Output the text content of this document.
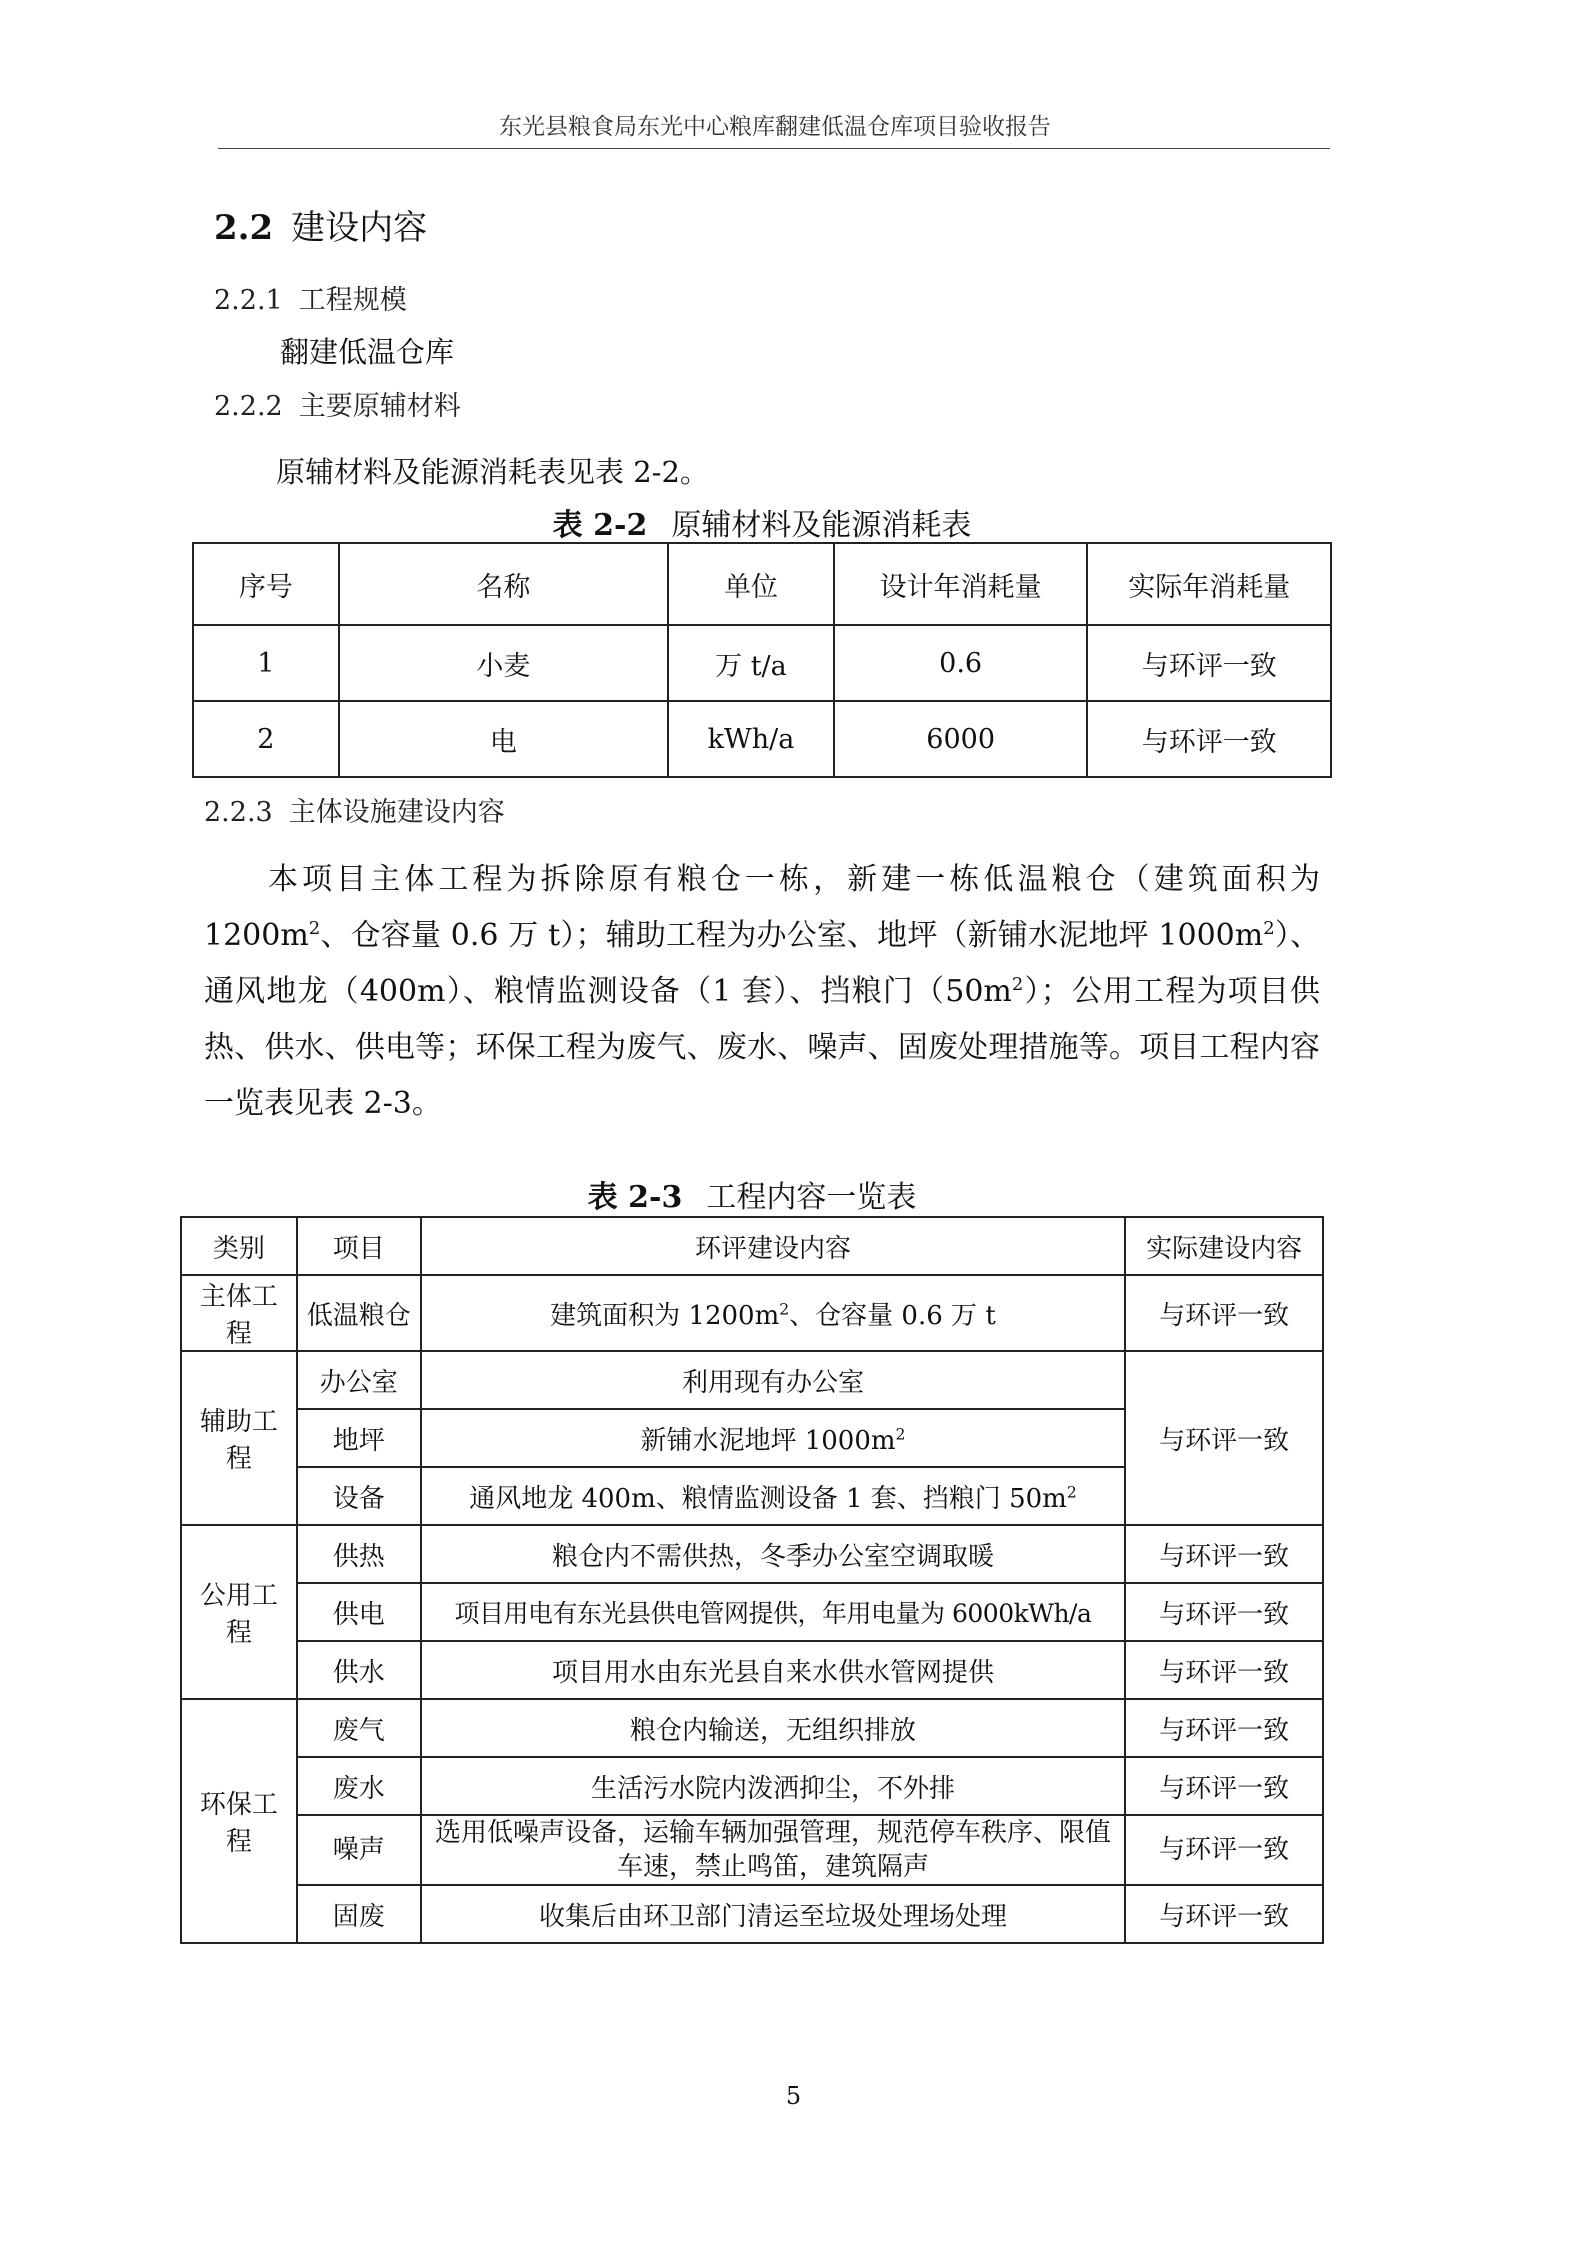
东光县粮食局东光中心粮库翻建低温仓库项目验收报告
2.2 建设内容
2.2.1 工程规模
翻建低温仓库
2.2.2 主要原辅材料
原辅材料及能源消耗表见表 2-2。
表 2-2 原辅材料及能源消耗表
序号	名称	单位	设计年消耗量	实际年消耗量
1	小麦	万 t/a	0.6	与环评一致
2	电	kWh/a	6000	与环评一致
2.2.3 主体设施建设内容
本项目主体工程为拆除原有粮仓一栋，新建一栋低温粮仓（建筑面积为$1200m^2$、仓容量 0.6 万 t）；辅助工程为办公室、地坪（新铺水泥地坪 $1000m^2$）、通风地龙（400m）、粮情监测设备（1 套）、挡粮门$(50m^2)$；公用工程为项目供热、供水、供电等；环保工程为废气、废水、噪声、固废处理措施等。项目工程内容一览表见表 2-3。
表 2-3 工程内容一览表
类别	项目	环评建设内容	实际建设内容
主体工程	低温粮仓	建筑面积为 $1200m^2$、仓容量 0.6 万 t	与环评一致
辅助工程	办公室	利用现有办公室	与环评一致
	地坪	新铺水泥地坪 $1000m^2$
	设备	通风地龙 400m、粮情监测设备 1 套、挡粮门 $50m^2$
公用工程	供热	粮仓内不需供热，冬季办公室空调取暖	与环评一致
	供电	项目用电有东光县供电管网提供，年用电量为 6000kWh/a	与环评一致
	供水	项目用水由东光县自来水供水管网提供	与环评一致
环保工程	废气	粮仓内输送，无组织排放	与环评一致
	废水	生活污水院内泼洒抑尘，不外排	与环评一致
	噪声	选用低噪声设备，运输车辆加强管理，规范停车秩序、限值车速，禁止鸣笛，建筑隔声	与环评一致
	固废	收集后由环卫部门清运至垃圾处理场处理	与环评一致
5
